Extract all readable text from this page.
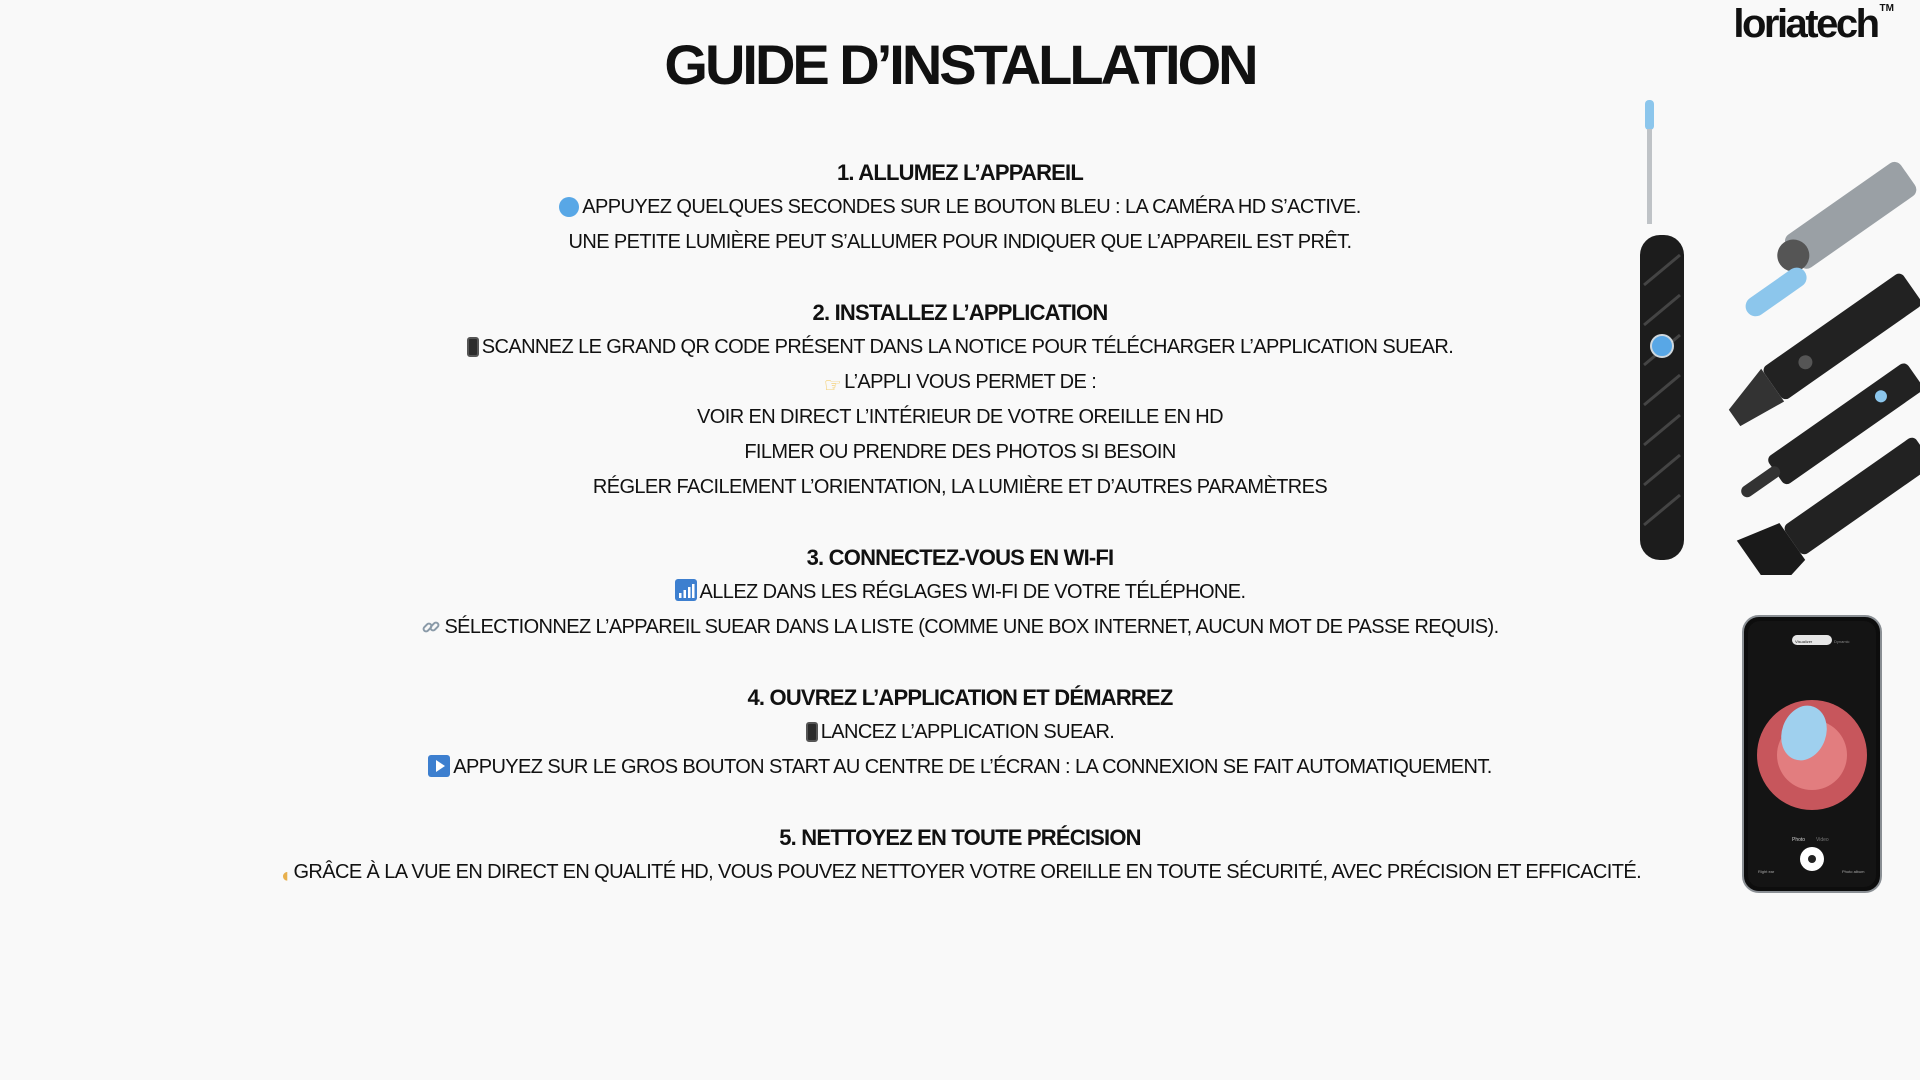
loriatech ™
GUIDE D’INSTALLATION
1. ALLUMEZ L’APPAREIL
APPUYEZ QUELQUES SECONDES SUR LE BOUTON BLEU : LA CAMÉRA HD S’ACTIVE.
UNE PETITE LUMIÈRE PEUT S’ALLUMER POUR INDIQUER QUE L’APPAREIL EST PRÊT.
2. INSTALLEZ L’APPLICATION
SCANNEZ LE GRAND QR CODE PRÉSENT DANS LA NOTICE POUR TÉLÉCHARGER L’APPLICATION SUEAR.
☞ L’APPLI VOUS PERMET DE :
VOIR EN DIRECT L’INTÉRIEUR DE VOTRE OREILLE EN HD
FILMER OU PRENDRE DES PHOTOS SI BESOIN
RÉGLER FACILEMENT L’ORIENTATION, LA LUMIÈRE ET D’AUTRES PARAMÈTRES
3. CONNECTEZ-VOUS EN WI-FI
ALLEZ DANS LES RÉGLAGES WI-FI DE VOTRE TÉLÉPHONE.
SÉLECTIONNEZ L’APPAREIL SUEAR DANS LA LISTE (COMME UNE BOX INTERNET, AUCUN MOT DE PASSE REQUIS).
4. OUVREZ L’APPLICATION ET DÉMARREZ
LANCEZ L’APPLICATION SUEAR.
APPUYEZ SUR LE GROS BOUTON START AU CENTRE DE L’ÉCRAN : LA CONNEXION SE FAIT AUTOMATIQUEMENT.
5. NETTOYEZ EN TOUTE PRÉCISION
◖ GRÂCE À LA VUE EN DIRECT EN QUALITÉ HD, VOUS POUVEZ NETTOYER VOTRE OREILLE EN TOUTE SÉCURITÉ, AVEC PRÉCISION ET EFFICACITÉ.
Photo Video
Right ear	Photo album
Visualizer	Dynamic
